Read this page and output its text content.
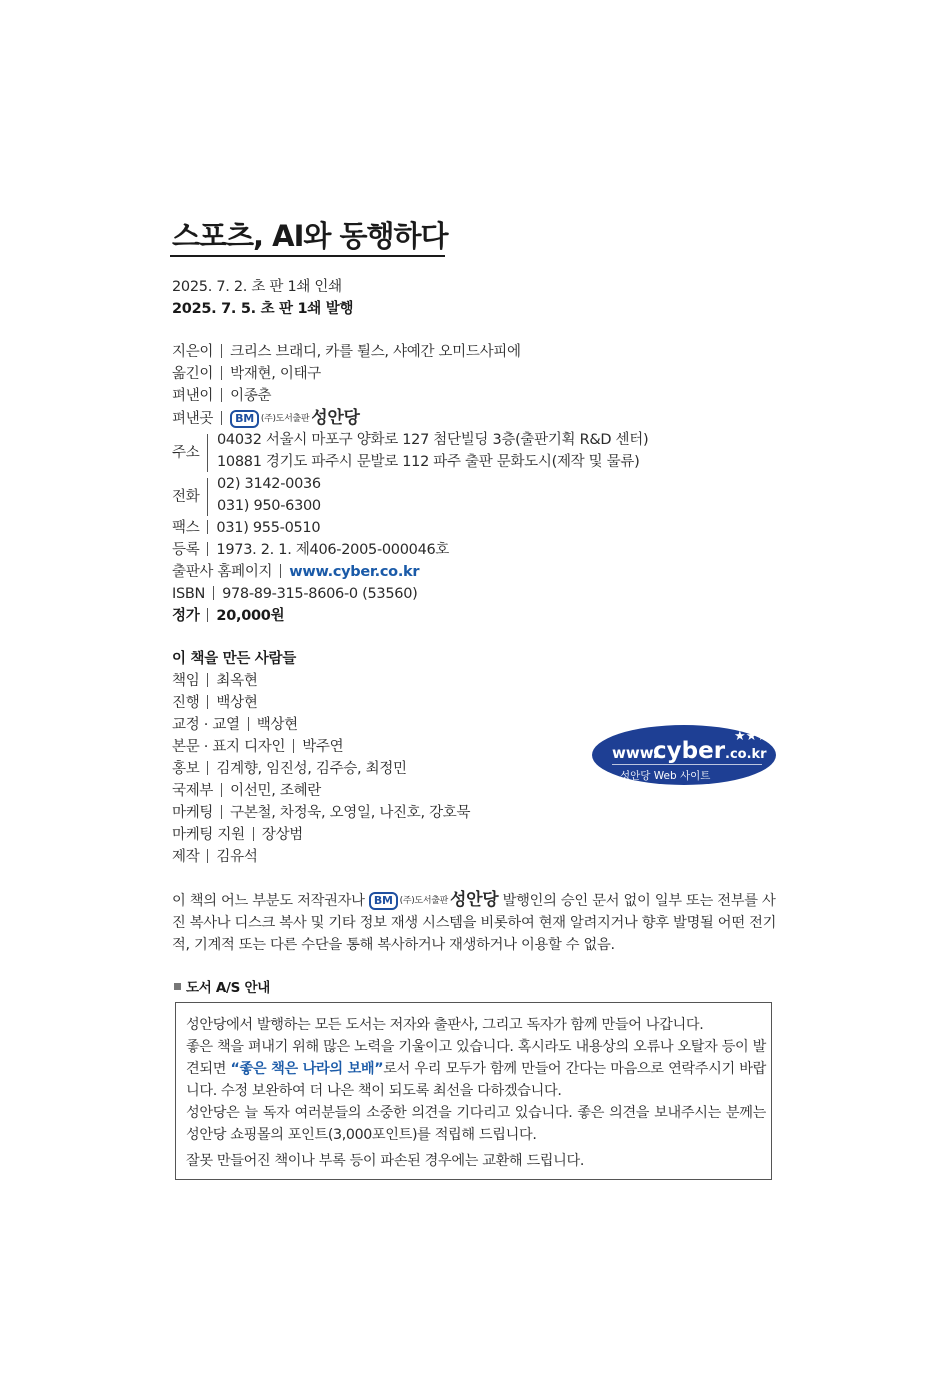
스포츠, AI와 동행하다
2025. 7. 2. 초 판 1쇄 인쇄
2025. 7. 5. 초 판 1쇄 발행
지은이 크리스 브래디, 카를 튈스, 샤예간 오미드사피에
옮긴이 박재현, 이태구
펴낸이 이종춘
펴낸곳 BM (주)도서출판 성안당
주소
04032 서울시 마포구 양화로 127 첨단빌딩 3층(출판기획 R&D 센터)
10881 경기도 파주시 문발로 112 파주 출판 문화도시(제작 및 물류)
전화
02) 3142-0036
031) 950-6300
팩스 031) 955-0510
등록 1973. 2. 1. 제406-2005-000046호
출판사 홈페이지 www.cyber.co.kr
ISBN 978-89-315-8606-0 (53560)
정가 20,000원
이 책을 만든 사람들
책임 최옥현
진행 백상현
교정 · 교열 백상현
본문 · 표지 디자인 박주연
홍보 김계향, 임진성, 김주승, 최정민
국제부 이선민, 조혜란
마케팅 구본철, 차정욱, 오영일, 나진호, 강호묵
마케팅 지원 장상범
제작 김유석
★★★
www.
cyber .co.kr
성안당 Web 사이트
이 책의 어느 부분도 저작권자나 BM (주)도서출판 성안당 발행인의 승인 문서 없이 일부 또는 전부를 사진 복사나 디스크 복사 및 기타 정보 재생 시스템을 비롯하여 현재 알려지거나 향후 발명될 어떤 전기적, 기계적 또는 다른 수단을 통해 복사하거나 재생하거나 이용할 수 없음.
도서 A/S 안내
성안당에서 발행하는 모든 도서는 저자와 출판사, 그리고 독자가 함께 만들어 나갑니다.
좋은 책을 펴내기 위해 많은 노력을 기울이고 있습니다. 혹시라도 내용상의 오류나 오탈자 등이 발견되면 “좋은 책은 나라의 보배”로서 우리 모두가 함께 만들어 간다는 마음으로 연락주시기 바랍니다. 수정 보완하여 더 나은 책이 되도록 최선을 다하겠습니다.
성안당은 늘 독자 여러분들의 소중한 의견을 기다리고 있습니다. 좋은 의견을 보내주시는 분께는 성안당 쇼핑몰의 포인트(3,000포인트)를 적립해 드립니다.
잘못 만들어진 책이나 부록 등이 파손된 경우에는 교환해 드립니다.
